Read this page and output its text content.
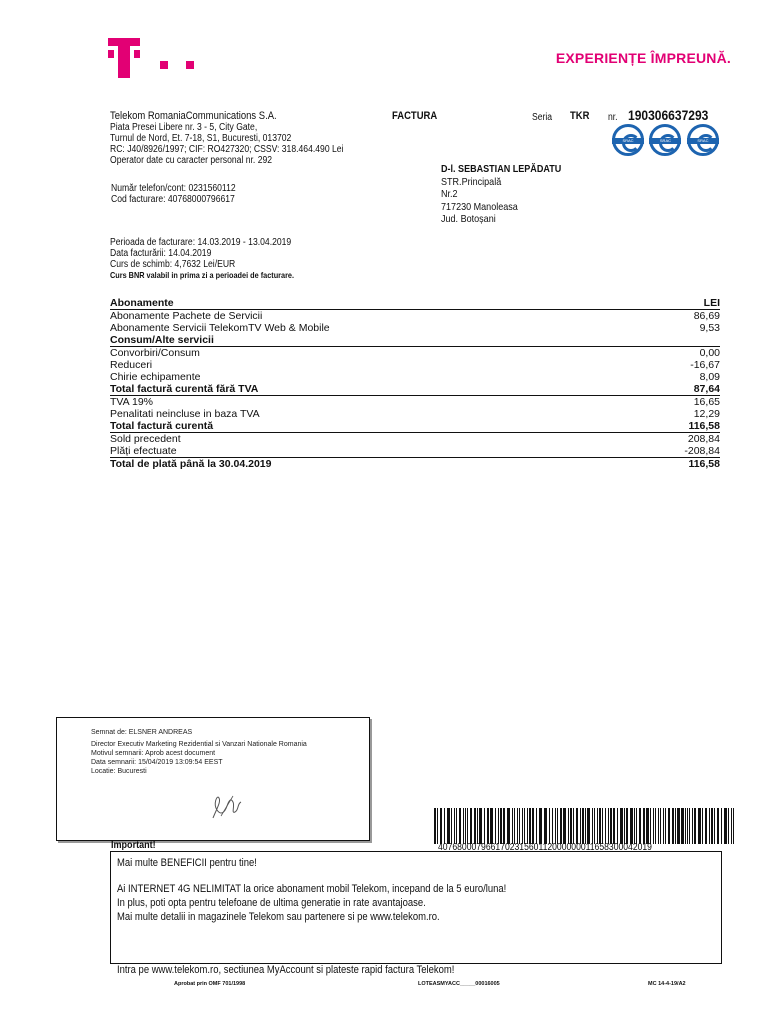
EXPERIENȚE ÎMPREUNĂ.
Telekom RomaniaCommunications S.A.
Piata Presei Libere nr. 3 - 5, City Gate,
Turnul de Nord, Et. 7-18, S1, Bucuresti, 013702
RC: J40/8926/1997; CIF: RO427320; CSSV: 318.464.490 Lei
Operator date cu caracter personal nr. 292
FACTURA	Seria TKR nr. 190306637293
SRAC
	SRAC
	SRAC
D-l. SEBASTIAN LEPĂDATU
STR.Principală
Nr.2
717230 Manoleasa
Jud. Botoșani
Număr telefon/cont: 0231560112
Cod facturare: 40768000796617
Perioada de facturare: 14.03.2019 - 13.04.2019
Data facturării: 14.04.2019
Curs de schimb: 4,7632 Lei/EUR
Curs BNR valabil in prima zi a perioadei de facturare.
Abonamente	LEI
Abonamente Pachete de Servicii	86,69
Abonamente Servicii TelekomTV Web & Mobile	9,53
Consum/Alte servicii	
Convorbiri/Consum	0,00
Reduceri	-16,67
Chirie echipamente	8,09
Total factură curentă fără TVA	87,64
TVA 19%	16,65
Penalitati neincluse in baza TVA	12,29
Total factură curentă	116,58
Sold precedent	208,84
Plăți efectuate	-208,84
Total de plată până la 30.04.2019	116,58
Semnat de: ELSNER ANDREAS
Director Executiv Marketing Rezidential si Vanzari Nationale Romania
Motivul semnarii: Aprob acest document
Data semnarii: 15/04/2019 13:09:54 EEST
Locatie: Bucuresti
407680007966170231560112000000011658300042019
Important!
Mai multe BENEFICII pentru tine!
Ai INTERNET 4G NELIMITAT la orice abonament mobil Telekom, incepand de la 5 euro/luna!
In plus, poti opta pentru telefoane de ultima generatie in rate avantajoase.
Mai multe detalii in magazinele Telekom sau partenere si pe www.telekom.ro.
Intra pe www.telekom.ro, sectiunea MyAccount si plateste rapid factura Telekom!
Aprobat prin OMF 701/1998	LOTEASMYACC_____00016005	MC 14-4-19/A2
